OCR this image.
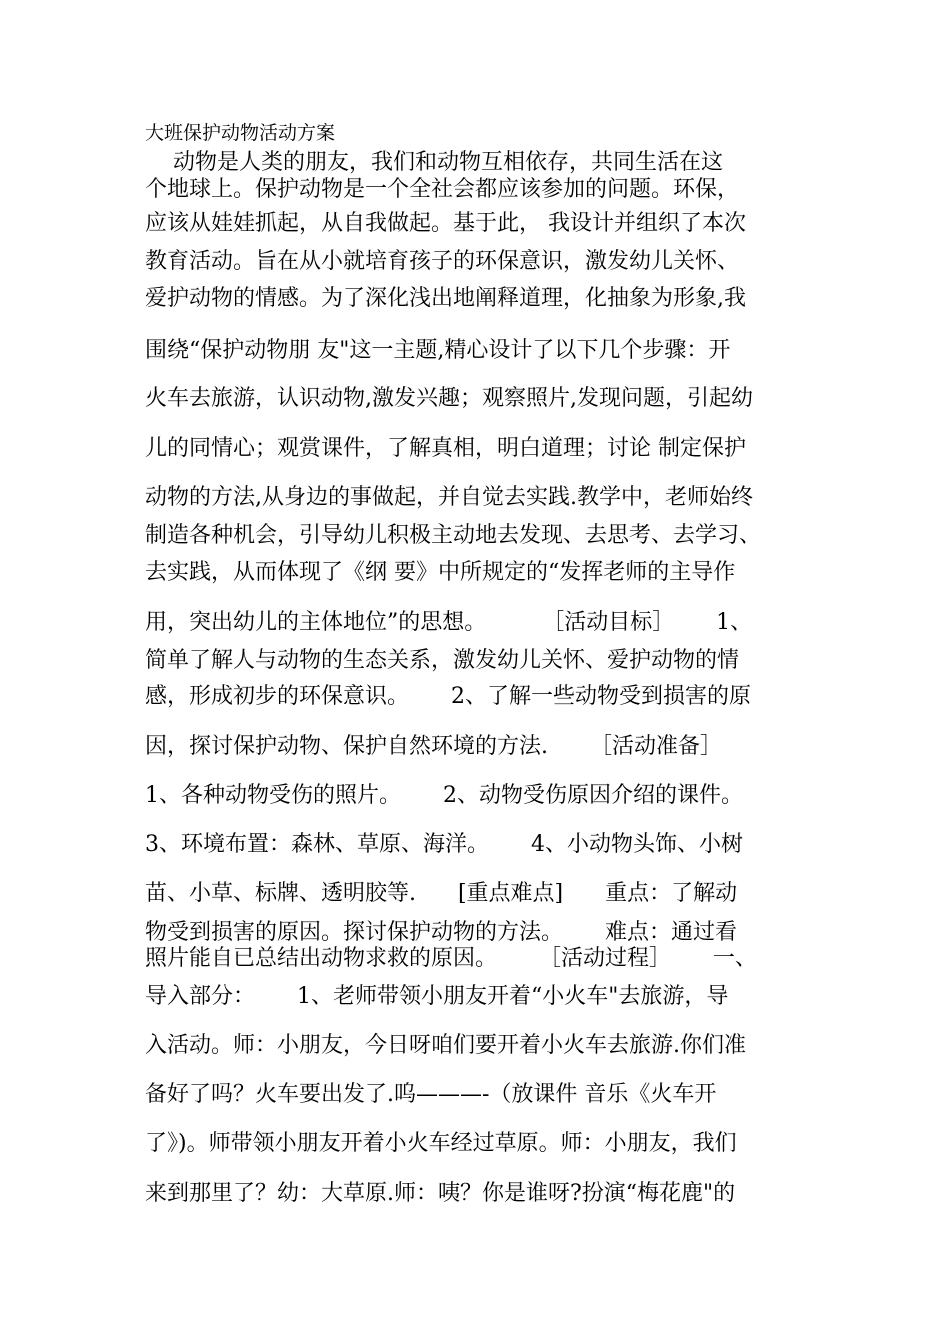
大班保护动物活动方案
动物是人类的朋友，我们和动物互相依存，共同生活在这
个地球上。保护动物是一个全社会都应该参加的问题。环保，
应该从娃娃抓起，从自我做起。基于此， 我设计并组织了本次
教育活动。旨在从小就培育孩子的环保意识，激发幼儿关怀、
爱护动物的情感。为了深化浅出地阐释道理，化抽象为形象,我
围绕“保护动物朋 友"这一主题,精心设计了以下几个步骤：开
火车去旅游，认识动物,激发兴趣；观察照片,发现问题，引起幼
儿的同情心；观赏课件，了解真相，明白道理；讨论 制定保护
动物的方法,从身边的事做起，并自觉去实践.教学中，老师始终
制造各种机会，引导幼儿积极主动地去发现、去思考、去学习、
去实践，从而体现了《纲 要》中所规定的“发挥老师的主导作
用，突出幼儿的主体地位”的思想。        ［活动目标］      1、
简单了解人与动物的生态关系，激发幼儿关怀、爱护动物的情
感，形成初步的环保意识。      2、了解一些动物受到损害的原
因，探讨保护动物、保护自然环境的方法.      ［活动准备］
1、各种动物受伤的照片。      2、动物受伤原因介绍的课件。
3、环境布置：森林、草原、海洋。      4、小动物头饰、小树
苗、小草、标牌、透明胶等.      [重点难点]      重点：了解动
物受到损害的原因。探讨保护动物的方法。      难点：通过看
照片能自已总结出动物求救的原因。      ［活动过程］      一、
导入部分：      1、老师带领小朋友开着“小火车"去旅游，导
入活动。师：小朋友，今日呀咱们要开着小火车去旅游.你们准
备好了吗？火车要出发了.呜———-（放课件 音乐《火车开
了》)。师带领小朋友开着小火车经过草原。师：小朋友，我们
来到那里了？幼：大草原.师：咦？你是谁呀?扮演“梅花鹿"的
